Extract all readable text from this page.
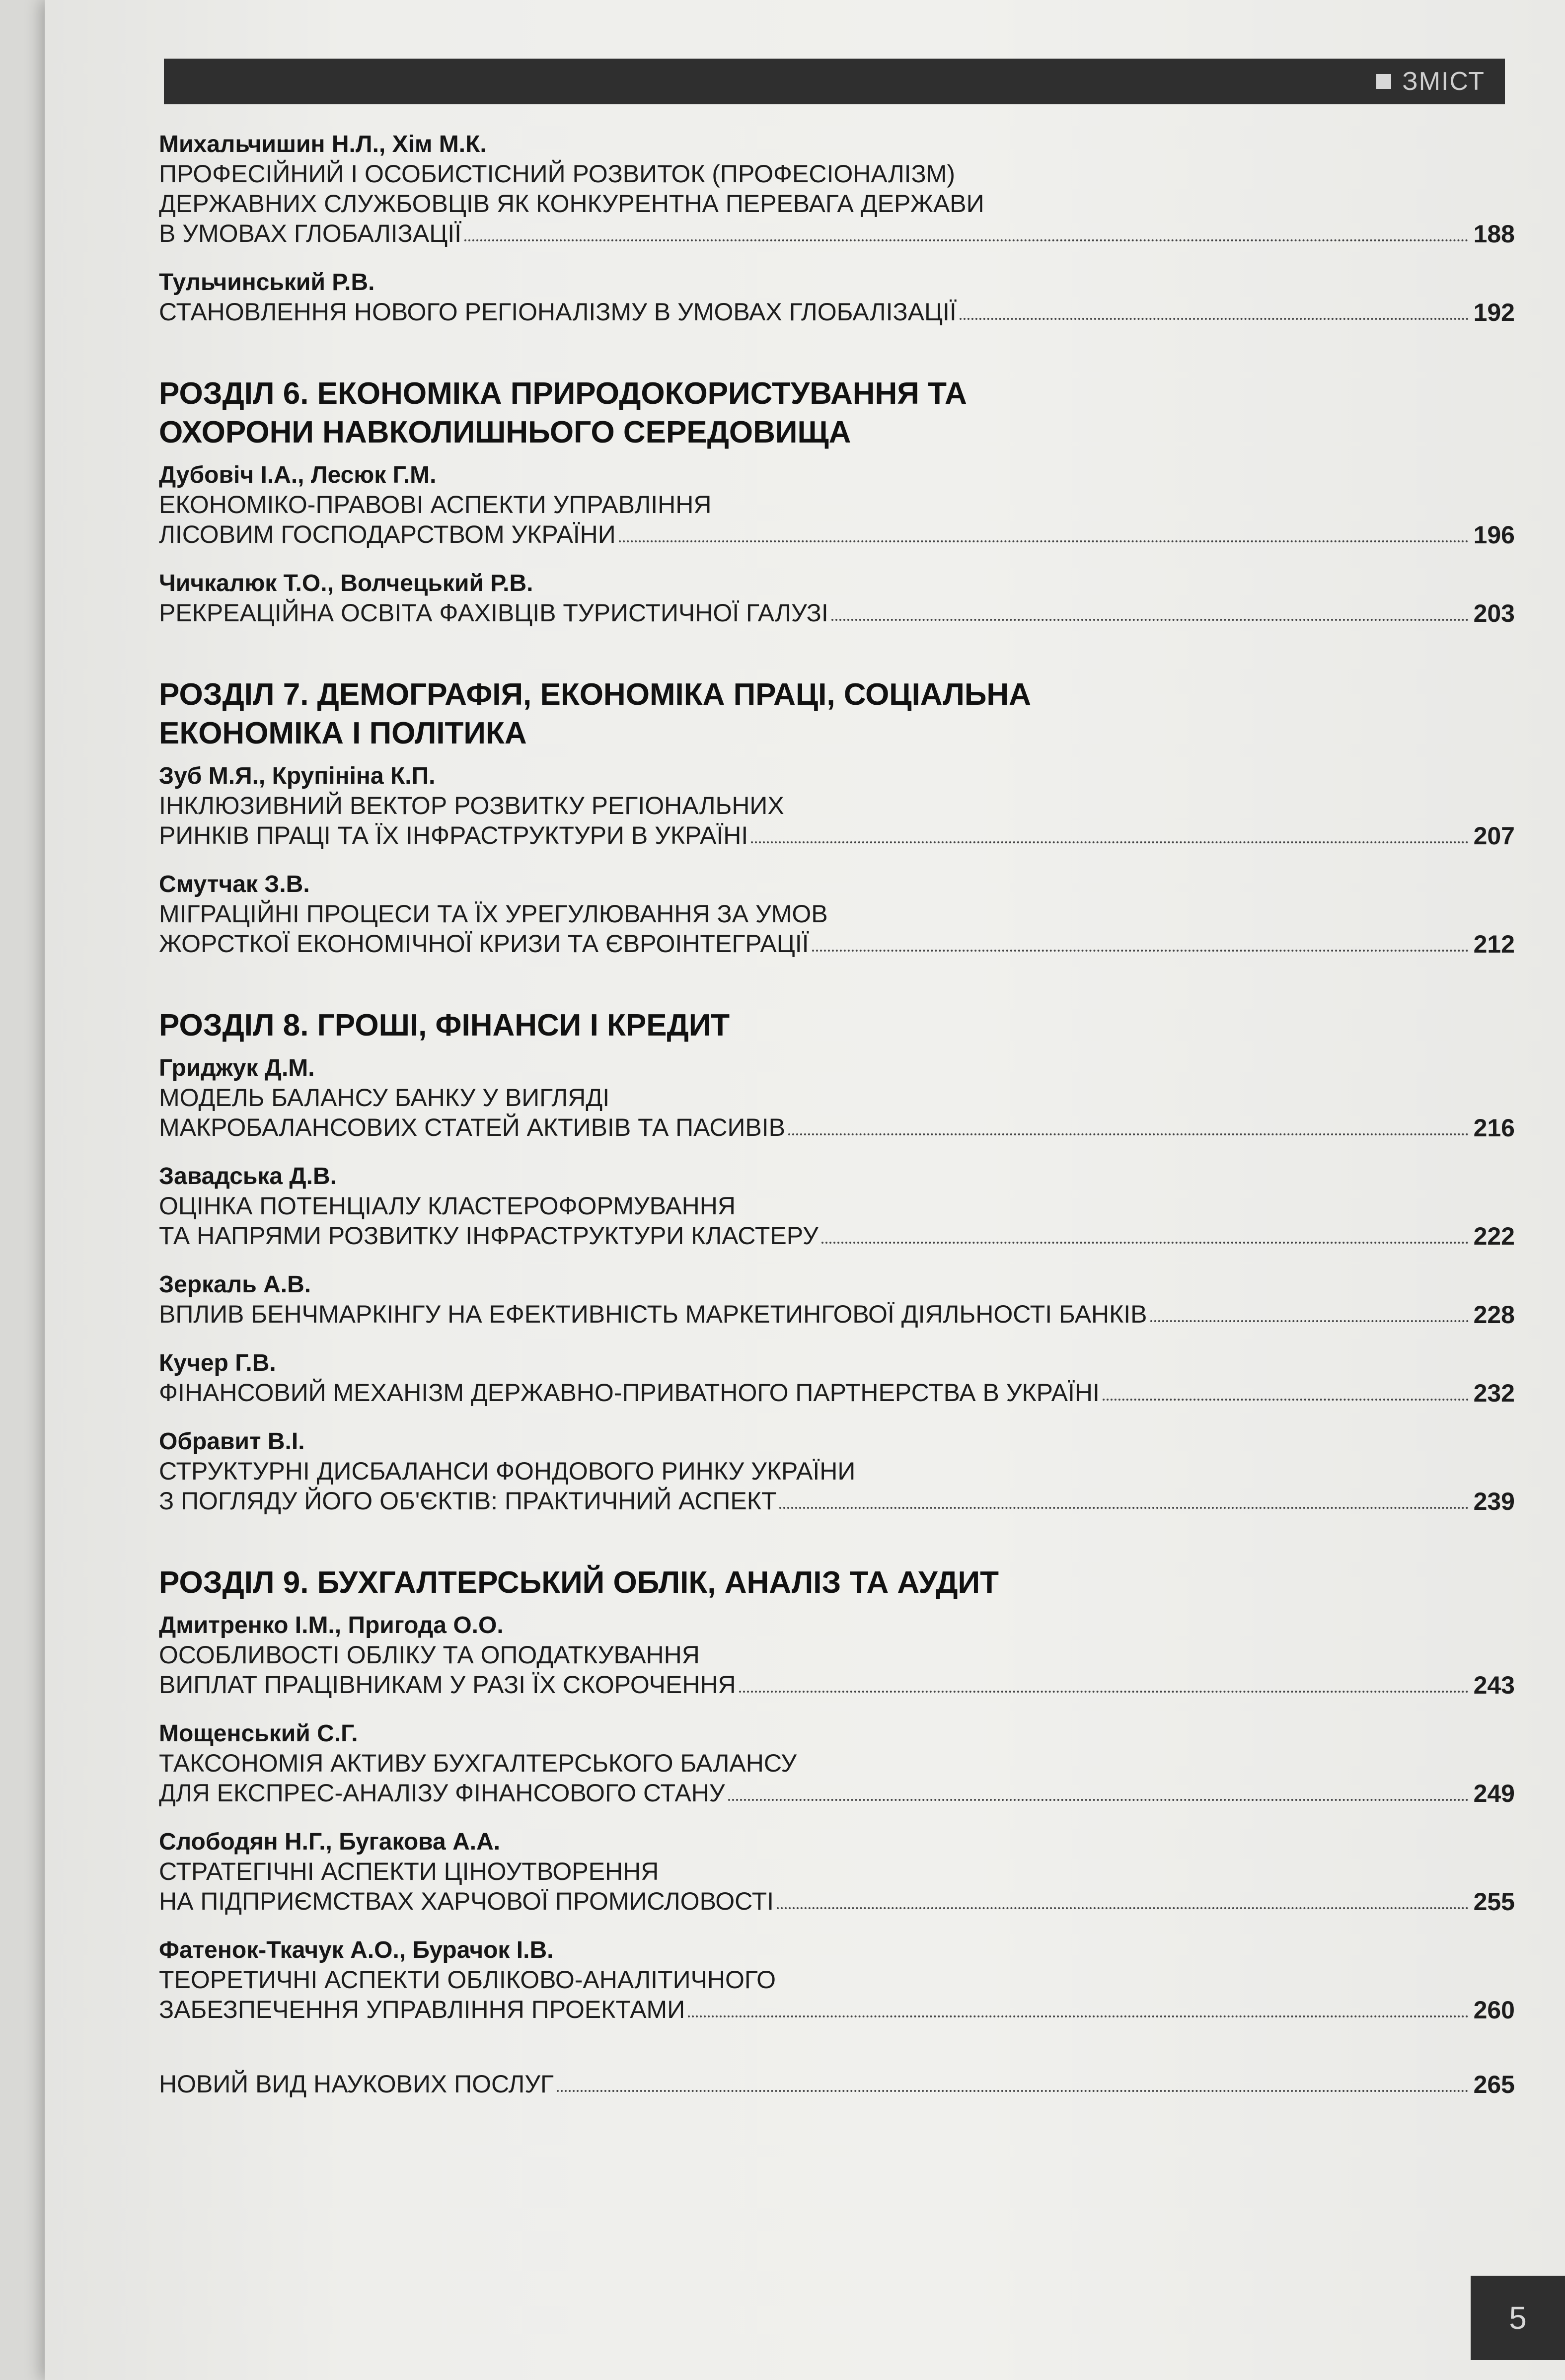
ЗМІСТ
Михальчишин Н.Л., Хім М.К.
ПРОФЕСІЙНИЙ І ОСОБИСТІСНИЙ РОЗВИТОК (ПРОФЕСІОНАЛІЗМ)
ДЕРЖАВНИХ СЛУЖБОВЦІВ ЯК КОНКУРЕНТНА ПЕРЕВАГА ДЕРЖАВИ
В УМОВАХ ГЛОБАЛІЗАЦІЇ	188
Тульчинський Р.В.
СТАНОВЛЕННЯ НОВОГО РЕГІОНАЛІЗМУ В УМОВАХ ГЛОБАЛІЗАЦІЇ	192
РОЗДІЛ 6. ЕКОНОМІКА ПРИРОДОКОРИСТУВАННЯ ТА ОХОРОНИ НАВКОЛИШНЬОГО СЕРЕДОВИЩА
Дубовіч І.А., Лесюк Г.М.
ЕКОНОМІКО-ПРАВОВІ АСПЕКТИ УПРАВЛІННЯ
ЛІСОВИМ ГОСПОДАРСТВОМ УКРАЇНИ	196
Чичкалюк Т.О., Волчецький Р.В.
РЕКРЕАЦІЙНА ОСВІТА ФАХІВЦІВ ТУРИСТИЧНОЇ ГАЛУЗІ	203
РОЗДІЛ 7. ДЕМОГРАФІЯ, ЕКОНОМІКА ПРАЦІ, СОЦІАЛЬНА ЕКОНОМІКА І ПОЛІТИКА
Зуб М.Я., Крупініна К.П.
ІНКЛЮЗИВНИЙ ВЕКТОР РОЗВИТКУ РЕГІОНАЛЬНИХ
РИНКІВ ПРАЦІ ТА ЇХ ІНФРАСТРУКТУРИ В УКРАЇНІ	207
Смутчак З.В.
МІГРАЦІЙНІ ПРОЦЕСИ ТА ЇХ УРЕГУЛЮВАННЯ ЗА УМОВ
ЖОРСТКОЇ ЕКОНОМІЧНОЇ КРИЗИ ТА ЄВРОІНТЕГРАЦІЇ	212
РОЗДІЛ 8. ГРОШІ, ФІНАНСИ І КРЕДИТ
Гриджук Д.М.
МОДЕЛЬ БАЛАНСУ БАНКУ У ВИГЛЯДІ
МАКРОБАЛАНСОВИХ СТАТЕЙ АКТИВІВ ТА ПАСИВІВ	216
Завадська Д.В.
ОЦІНКА ПОТЕНЦІАЛУ КЛАСТЕРОФОРМУВАННЯ
ТА НАПРЯМИ РОЗВИТКУ ІНФРАСТРУКТУРИ КЛАСТЕРУ	222
Зеркаль А.В.
ВПЛИВ БЕНЧМАРКІНГУ НА ЕФЕКТИВНІСТЬ МАРКЕТИНГОВОЇ ДІЯЛЬНОСТІ БАНКІВ	228
Кучер Г.В.
ФІНАНСОВИЙ МЕХАНІЗМ ДЕРЖАВНО-ПРИВАТНОГО ПАРТНЕРСТВА В УКРАЇНІ	232
Обравит В.І.
СТРУКТУРНІ ДИСБАЛАНСИ ФОНДОВОГО РИНКУ УКРАЇНИ
З ПОГЛЯДУ ЙОГО ОБ'ЄКТІВ: ПРАКТИЧНИЙ АСПЕКТ	239
РОЗДІЛ 9. БУХГАЛТЕРСЬКИЙ ОБЛІК, АНАЛІЗ ТА АУДИТ
Дмитренко І.М., Пригода О.О.
ОСОБЛИВОСТІ ОБЛІКУ ТА ОПОДАТКУВАННЯ
ВИПЛАТ ПРАЦІВНИКАМ У РАЗІ ЇХ СКОРОЧЕННЯ	243
Мощенський С.Г.
ТАКСОНОМІЯ АКТИВУ БУХГАЛТЕРСЬКОГО БАЛАНСУ
ДЛЯ ЕКСПРЕС-АНАЛІЗУ ФІНАНСОВОГО СТАНУ	249
Слободян Н.Г., Бугакова А.А.
СТРАТЕГІЧНІ АСПЕКТИ ЦІНОУТВОРЕННЯ
НА ПІДПРИЄМСТВАХ ХАРЧОВОЇ ПРОМИСЛОВОСТІ	255
Фатенок-Ткачук А.О., Бурачок І.В.
ТЕОРЕТИЧНІ АСПЕКТИ ОБЛІКОВО-АНАЛІТИЧНОГО
ЗАБЕЗПЕЧЕННЯ УПРАВЛІННЯ ПРОЕКТАМИ	260
НОВИЙ ВИД НАУКОВИХ ПОСЛУГ	265
5
